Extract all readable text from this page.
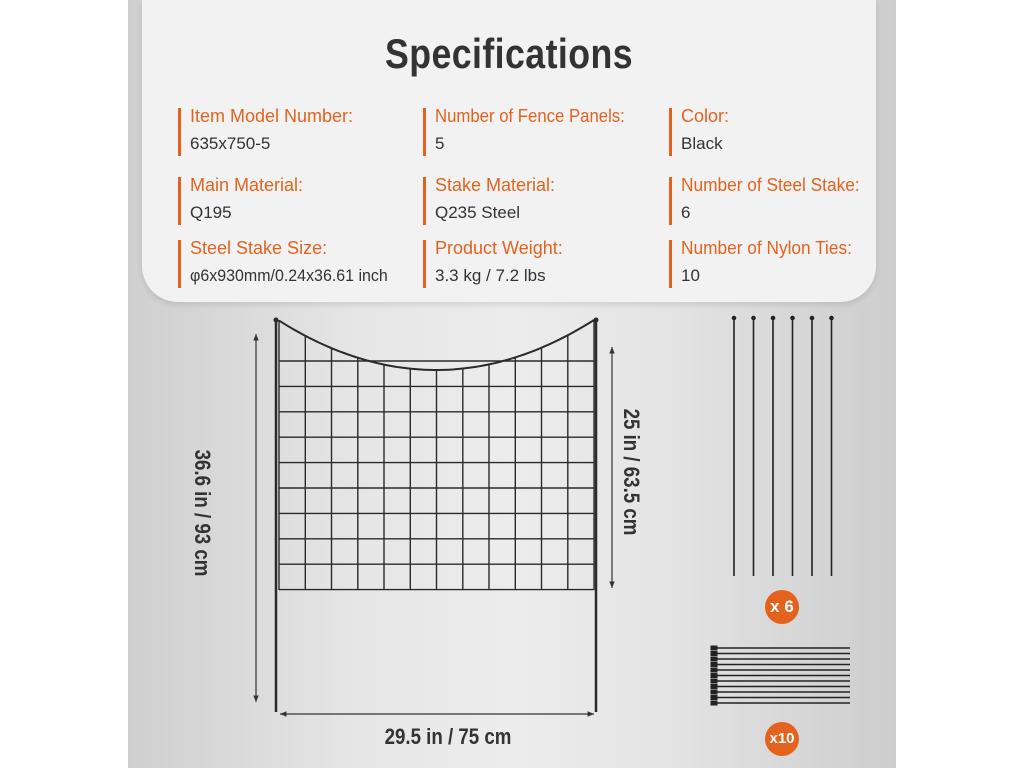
Specifications
Item Model Number:
635x750-5
Number of Fence Panels:
5
Color:
Black
Main Material:
Q195
Stake Material:
Q235 Steel
Number of Steel Stake:
6
Steel Stake Size:
φ6x930mm/0.24x36.61 inch
Product Weight:
3.3 kg / 7.2 lbs
Number of Nylon Ties:
10
36.6 in / 93 cm	25 in / 63.5 cm
29.5 in / 75 cm
x 6
x10
